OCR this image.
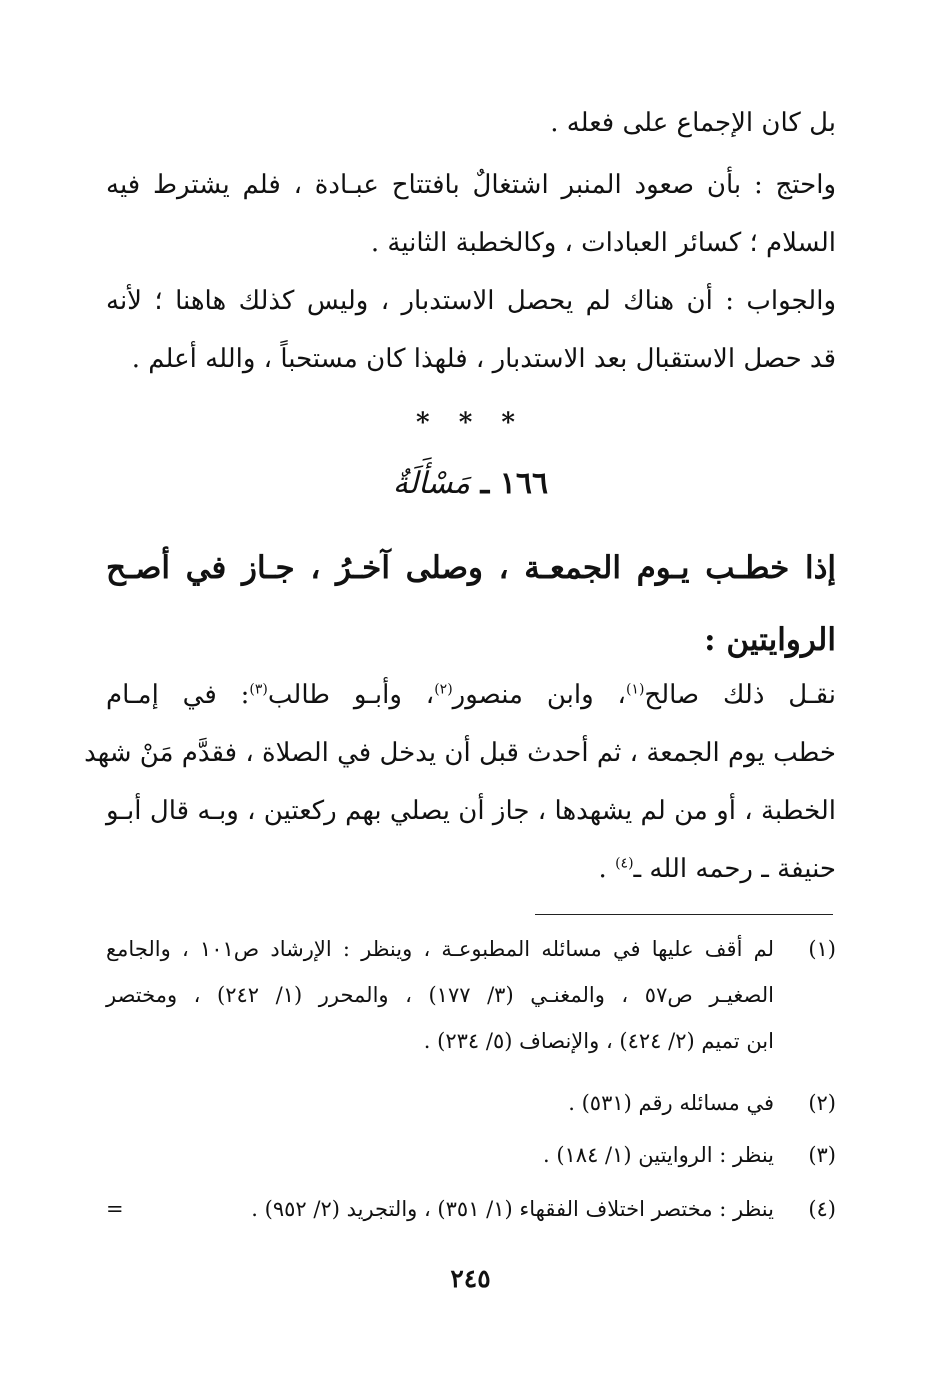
بل كان الإجماع على فعله .

واحتج : بأن صعود المنبر اشتغالٌ بافتتاح عبـادة ، فلم يشترط فيه
السلام ؛ كسائر العبادات ، وكالخطبة الثانية .

والجواب : أن هناك لم يحصل الاستدبار ، وليس كذلك هاهنا ؛ لأنه
قد حصل الاستقبال بعد الاستدبار ، فلهذا كان مستحباً ، والله أعلم .

* * *
١٦٦ ـ مَسْأَلَةٌ

إذا خطـب يـوم الجمعـة ، وصلى آخـرُ ، جـاز في أصـح
الروايتين :

نقـل ذلك صالح$^{(١)}$، وابن منصور$^{(٢)}$، وأبـو طالب$^{(٣)}$: في إمـام
خطب يوم الجمعة ، ثم أحدث قبل أن يدخل في الصلاة ، فقدَّم مَنْ شهد
الخطبة ، أو من لم يشهدها ، جاز أن يصلي بهم ركعتين ، وبـه قال أبـو
حنيفة ـ رحمه الله ـ$^{(٤)}$ .

(١)
لم أقف عليها في مسائله المطبوعـة ، وينظر : الإرشاد ص١٠١ ، والجامع
الصغيـر ص٥٧ ، والمغنـي (٣/ ١٧٧) ، والمحرر (١/ ٢٤٢) ، ومختصر
ابن تميم (٢/ ٤٢٤) ، والإنصاف (٥/ ٢٣٤) .
(٢)
في مسائله رقم (٥٣١) .
(٣)
ينظر : الروايتين (١/ ١٨٤) .
(٤)
ينظر : مختصر اختلاف الفقهاء (١/ ٣٥١) ، والتجريد (٢/ ٩٥٢) .
=
٢٤٥
